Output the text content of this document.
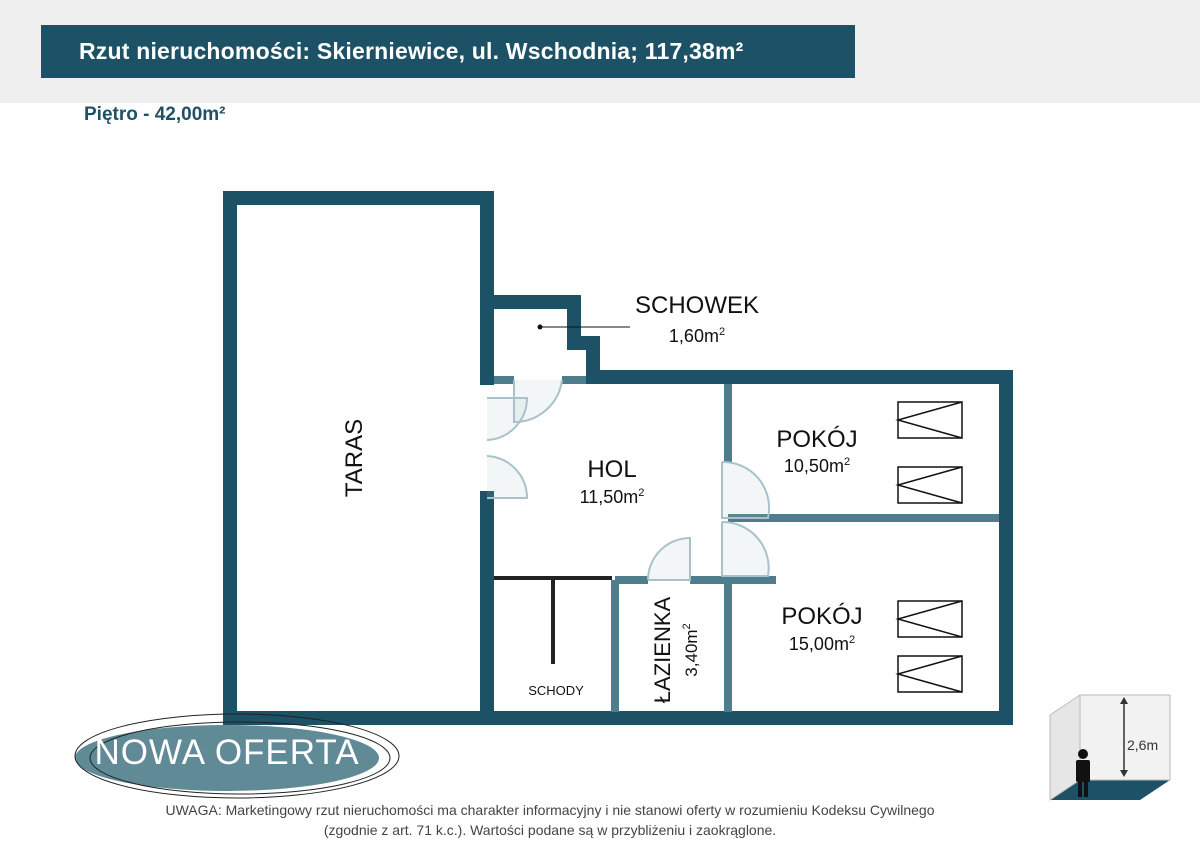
Rzut nieruchomości: Skierniewice, ul. Wschodnia; 117,38m²
Piętro - 42,00m²
TARAS
SCHOWEK
$1,60m^2$
HOL
$11,50m^2$
POKÓJ
$10,50m^2$
POKÓJ
$15,00m^2$
ŁAZIENKA $3,40m^2$
SCHODY
NOWA OFERTA	2,6m
UWAGA: Marketingowy rzut nieruchomości ma charakter informacyjny i nie stanowi oferty w rozumieniu Kodeksu Cywilnego
(zgodnie z art. 71 k.c.). Wartości podane są w przybliżeniu i zaokrąglone.
